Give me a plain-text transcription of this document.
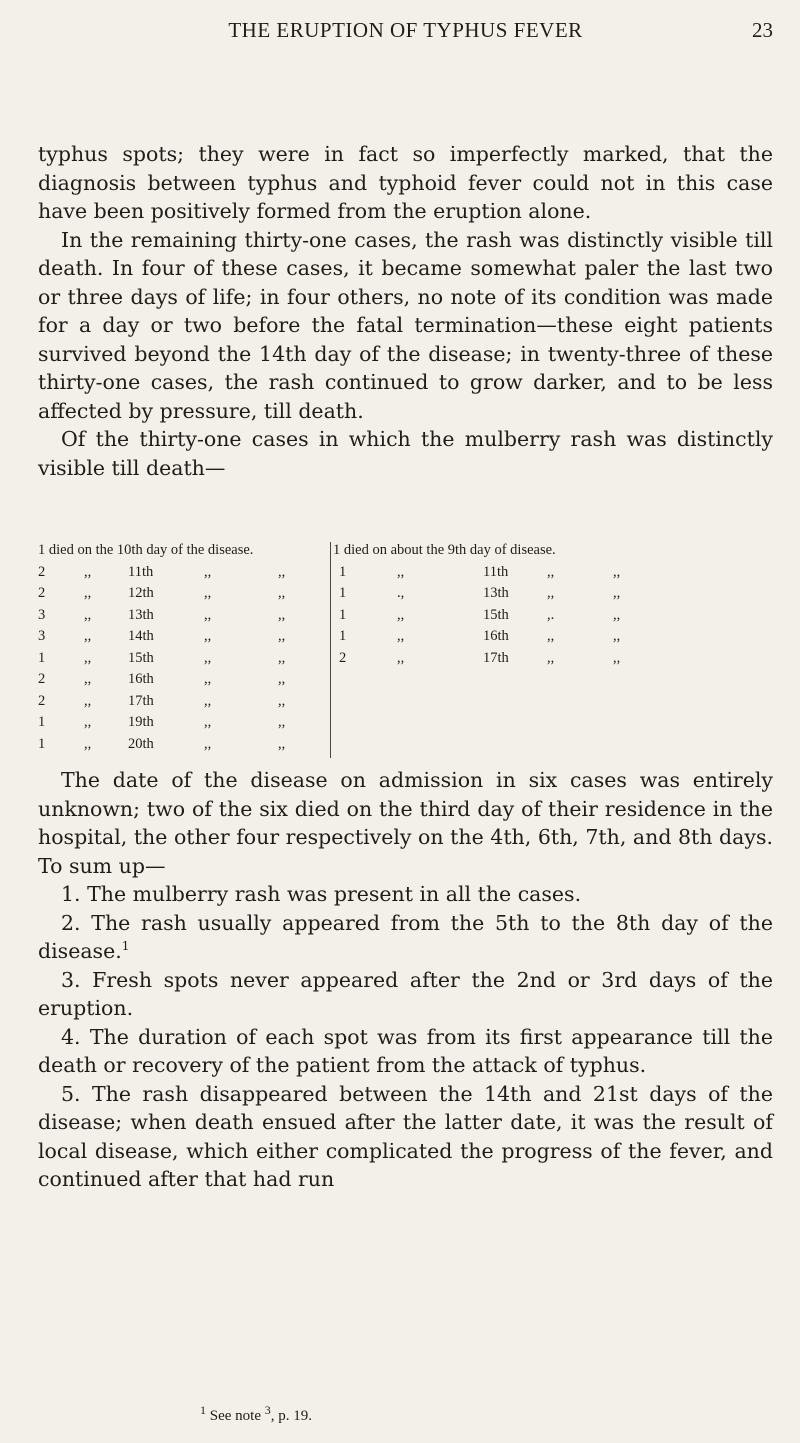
THE ERUPTION OF TYPHUS FEVER	23

typhus spots; they were in fact so imperfectly marked, that the diagnosis between typhus and typhoid fever could not in this case have been positively formed from the eruption alone.

In the remaining thirty-one cases, the rash was distinctly visible till death. In four of these cases, it became somewhat paler the last two or three days of life; in four others, no note of its condition was made for a day or two before the fatal termination—these eight patients survived beyond the 14th day of the disease; in twenty-three of these thirty-one cases, the rash continued to grow darker, and to be less affected by pressure, till death.

Of the thirty-one cases in which the mulberry rash was distinctly visible till death—

1 died on the 10th day of the disease.
2	,,	11th	,,	,,
2	,,	12th	,,	,,
3	,,	13th	,,	,,
3	,,	14th	,,	,,
1	,,	15th	,,	,,
2	,,	16th	,,	,,
2	,,	17th	,,	,,
1	,,	19th	,,	,,
1	,,	20th	,,	,,
1 died on about the 9th day of disease.
1	,,	11th	,,	,,
1	.,	13th	,,	,,
1	,,	15th	,.	,,
1	,,	16th	,,	,,
2	,,	17th	,,	,,

The date of the disease on admission in six cases was entirely unknown; two of the six died on the third day of their residence in the hospital, the other four respectively on the 4th, 6th, 7th, and 8th days. To sum up—

1. The mulberry rash was present in all the cases.

2. The rash usually appeared from the 5th to the 8th day of the disease.$^1$

3. Fresh spots never appeared after the 2nd or 3rd days of the eruption.

4. The duration of each spot was from its first appearance till the death or recovery of the patient from the attack of typhus.

5. The rash disappeared between the 14th and 21st days of the disease; when death ensued after the latter date, it was the result of local disease, which either complicated the progress of the fever, and continued after that had run

$^1$ See note $^3$, p. 19.
